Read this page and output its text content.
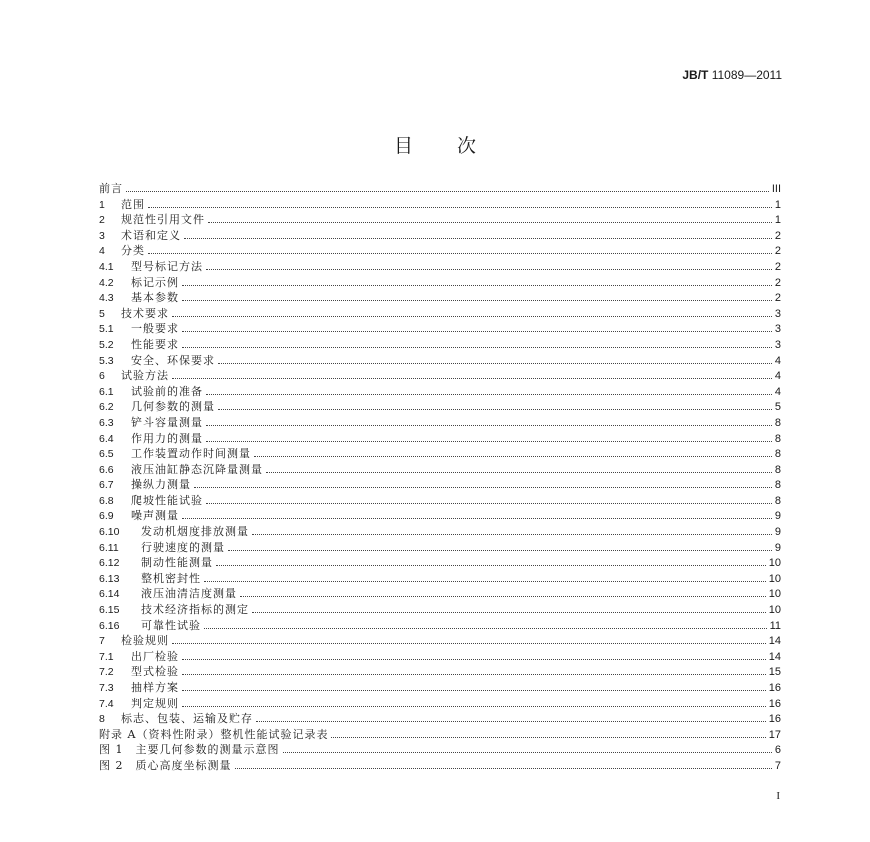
JB/T 11089—2011
目次
前言	III
1	范围	1
2	规范性引用文件	1
3	术语和定义	2
4	分类	2
4.1	型号标记方法	2
4.2	标记示例	2
4.3	基本参数	2
5	技术要求	3
5.1	一般要求	3
5.2	性能要求	3
5.3	安全、环保要求	4
6	试验方法	4
6.1	试验前的准备	4
6.2	几何参数的测量	5
6.3	铲斗容量测量	8
6.4	作用力的测量	8
6.5	工作装置动作时间测量	8
6.6	液压油缸静态沉降量测量	8
6.7	操纵力测量	8
6.8	爬坡性能试验	8
6.9	噪声测量	9
6.10	发动机烟度排放测量	9
6.11	行驶速度的测量	9
6.12	制动性能测量	10
6.13	整机密封性	10
6.14	液压油清洁度测量	10
6.15	技术经济指标的测定	10
6.16	可靠性试验	11
7	检验规则	14
7.1	出厂检验	14
7.2	型式检验	15
7.3	抽样方案	16
7.4	判定规则	16
8	标志、包装、运输及贮存	16
附录 A（资料性附录）整机性能试验记录表	17
图 1　主要几何参数的测量示意图	6
图 2　质心高度坐标测量	7
I
